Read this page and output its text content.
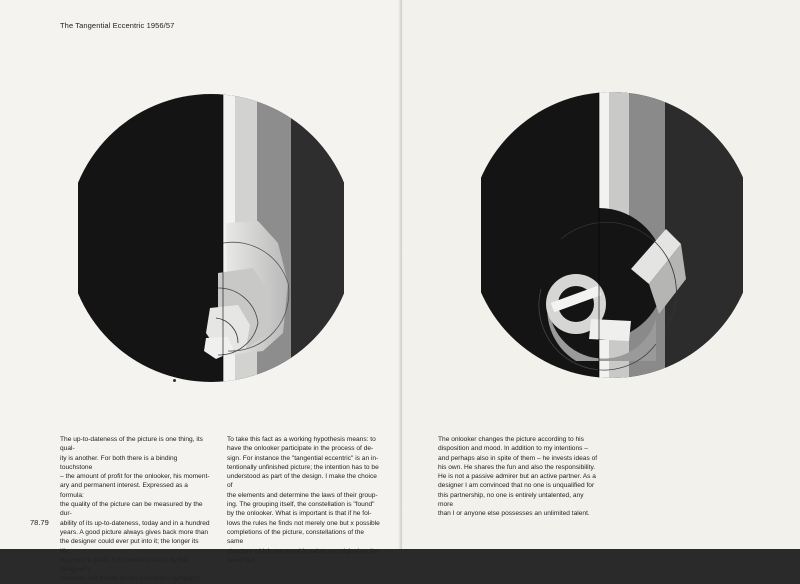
The Tangential Eccentric 1956/57
The up-to-dateness of the picture is one thing, its qual-
ity is another. For both there is a binding touchstone
– the amount of profit for the onlooker, his moment-
ary and permanent interest. Expressed as a formula:
the quality of the picture can be measured by the dur-
ability of its up-to-dateness, today and in a hundred
years. A good picture always gives back more than
the designer could ever put into it; the longer its life,
the more it gives. It is indeed created by the designer's
intention, but it lives on the onlooker's sympathy.
To take this fact as a working hypothesis means: to
have the onlooker participate in the process of de-
sign. For instance the "tangential eccentric" is an in-
tentionally unfinished picture; the intention has to be
understood as part of the design. I make the choice of
the elements and determine the laws of their group-
ing. The grouping itself, the constellation is "found"
by the onlooker. What is important is that if he fol-
lows the rules he finds not merely one but x possible
completions of the picture, constellations of the same
structure which are equal in value, as original as the
basic law.
78.79
The onlooker changes the picture according to his
disposition and mood. In addition to my intentions –
and perhaps also in spite of them – he invests ideas of
his own. He shares the fun and also the responsibility.
He is not a passive admirer but an active partner. As a
designer I am convinced that no one is unqualified for
this partnership, no one is entirely untalented, any more
than I or anyone else possesses an unlimited talent.
